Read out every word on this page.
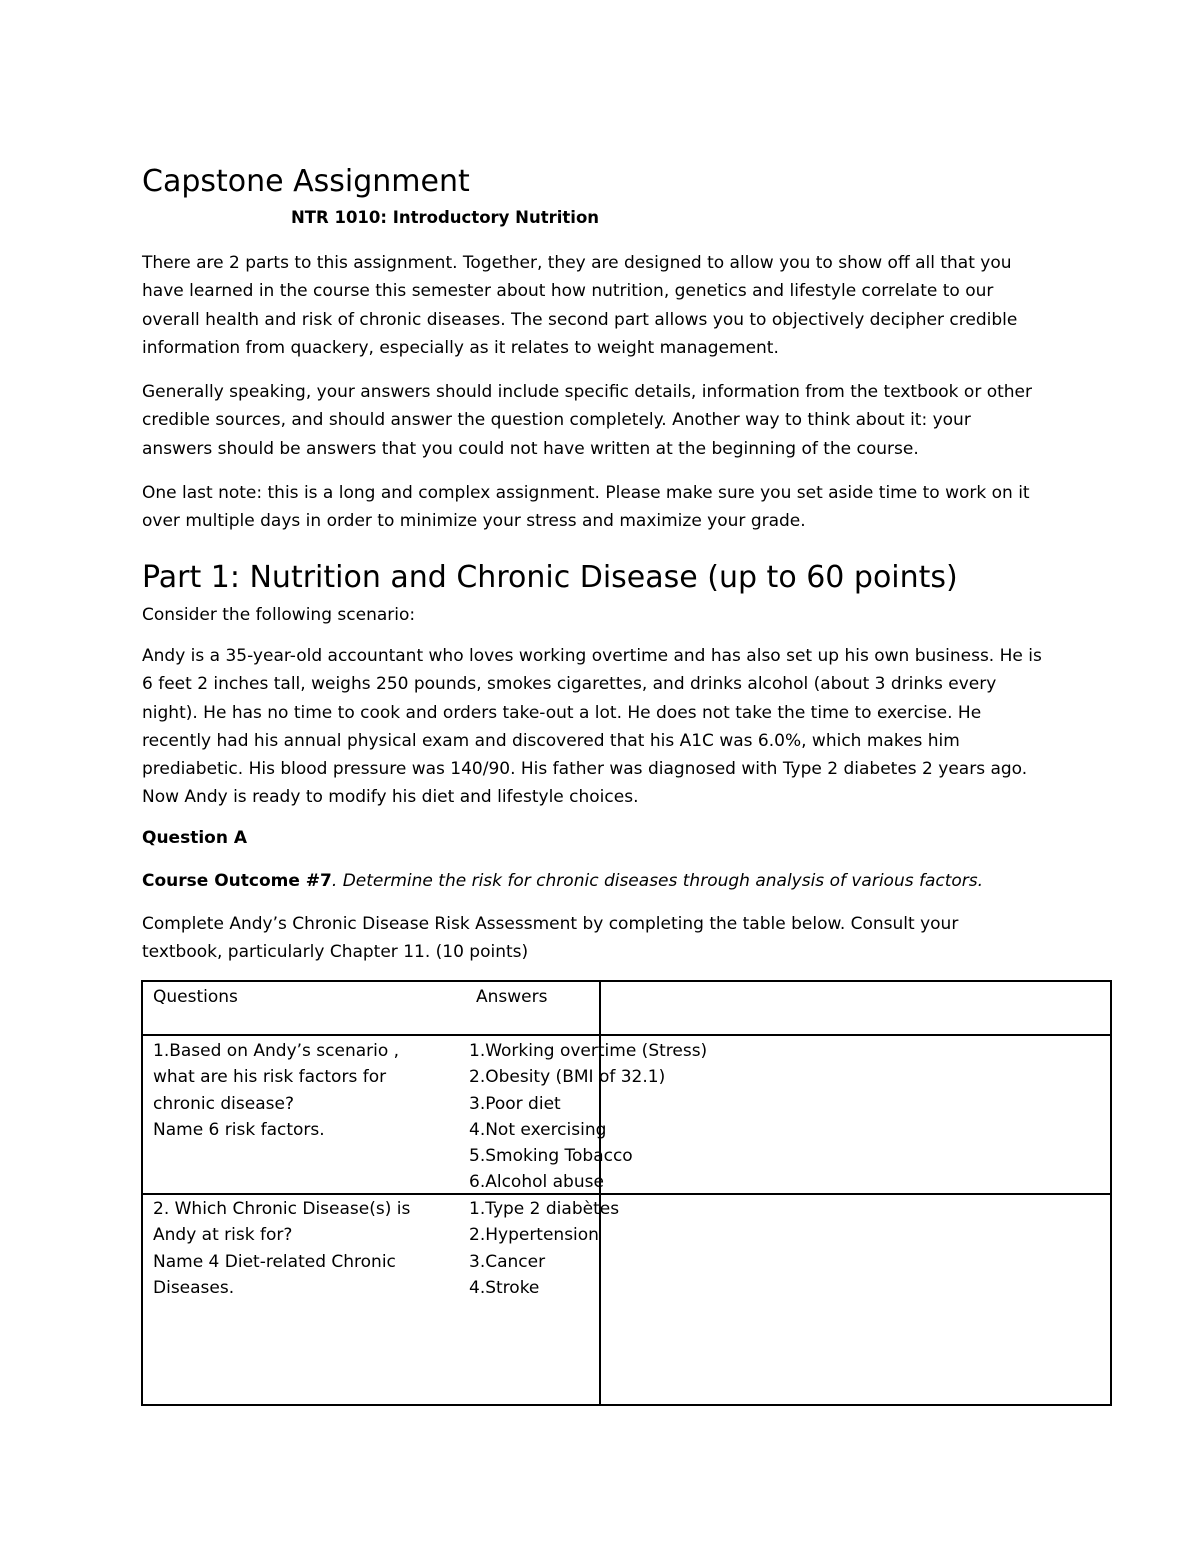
Capstone Assignment
NTR 1010: Introductory Nutrition
There are 2 parts to this assignment. Together, they are designed to allow you to show off all that you
have learned in the course this semester about how nutrition, genetics and lifestyle correlate to our
overall health and risk of chronic diseases. The second part allows you to objectively decipher credible
information from quackery, especially as it relates to weight management.
Generally speaking, your answers should include specific details, information from the textbook or other
credible sources, and should answer the question completely. Another way to think about it: your
answers should be answers that you could not have written at the beginning of the course.
One last note: this is a long and complex assignment. Please make sure you set aside time to work on it
over multiple days in order to minimize your stress and maximize your grade.
Part 1: Nutrition and Chronic Disease (up to 60 points)
Consider the following scenario:
Andy is a 35-year-old accountant who loves working overtime and has also set up his own business. He is
6 feet 2 inches tall, weighs 250 pounds, smokes cigarettes, and drinks alcohol (about 3 drinks every
night). He has no time to cook and orders take-out a lot. He does not take the time to exercise. He
recently had his annual physical exam and discovered that his A1C was 6.0%, which makes him
prediabetic. His blood pressure was 140/90. His father was diagnosed with Type 2 diabetes 2 years ago.
Now Andy is ready to modify his diet and lifestyle choices.
Question A
Course Outcome #7. Determine the risk for chronic diseases through analysis of various factors.
Complete Andy’s Chronic Disease Risk Assessment by completing the table below. Consult your
textbook, particularly Chapter 11. (10 points)
Questions	Answers
1.Based on Andy’s scenario ,
what are his risk factors for
chronic disease?
Name 6 risk factors.
1.Working overtime (Stress)
2.Obesity (BMI of 32.1)
3.Poor diet
4.Not exercising
5.Smoking Tobacco
6.Alcohol abuse
2. Which Chronic Disease(s) is
Andy at risk for?
Name 4 Diet-related Chronic
Diseases.
1.Type 2 diabètes
2.Hypertension
3.Cancer
4.Stroke
